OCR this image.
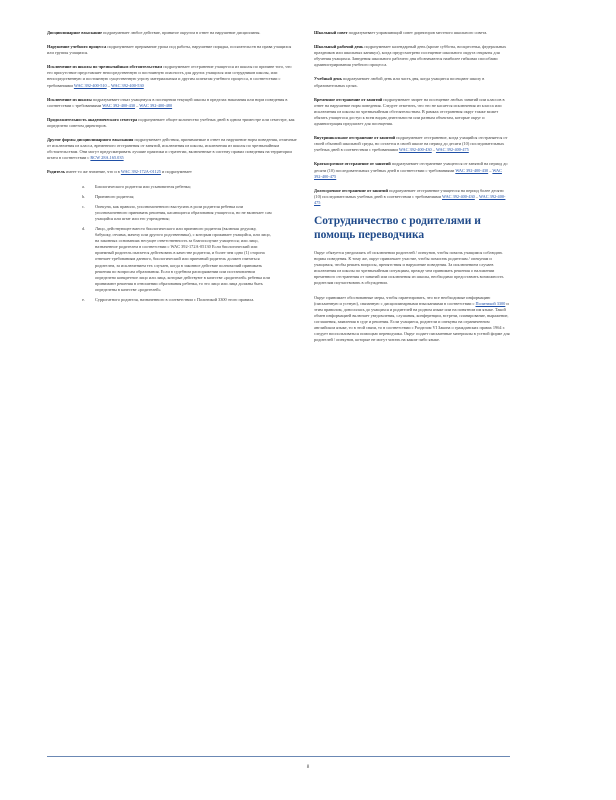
Дисциплинарное взыскание подразумевает любое действие, принятое округом в ответ на нарушение дисциплины.
Нарушение учебного процесса подразумевает прерывание урока под работы, нарушение порядка, посягательств на права учащихся или группы учащихся.
Исключение из школы по чрезвычайным обстоятельствам подразумевает отстранение учащегося из школы по причине того, что его присутствие представляет непосредственную и постоянную опасность для других учащихся или сотрудников школы, или непосредственную и постоянную существенную угрозу материальным и другим аспектам учебного процесса, в соответствии с требованиями WAC 392-400-510 – WAC 392-400-530
Исключение из школы подразумевает отказ учащемуся в посещении текущей школы в пределах наказания или норм поведения в соответствии с требованиями WAC 392-400-430 – WAC 392-400-480
Продолжительность академического семестра подразумевает общее количество учебных дней в одном триместре или семестре, как определено советом директоров.
Другие формы дисциплинарного взыскания подразумевает действия, принимаемые в ответ на нарушение норм поведения, отличные от исключения из класса, временного отстранения от занятий, исключения из школы, исключения из школы по чрезвычайным обстоятельствам. Они могут предусматривать лучшие практики и стратегии, включенные в систему правил поведения на территории штата в соответствии с RCW 28A.165.035
Родитель имеет то же значение, что и в WAC 392-172A-01125 и подразумевает
a.	Биологического родителя или усыновителя ребенка;
b.	Приемного родителя;
c.	Опекуна, как правило, уполномоченного выступать в роли родителя ребенка или уполномоченного принимать решения, касающиеся образования учащегося, но не включает сам учащийся или штат или его учреждения;
d.	Лицо, действующее вместо биологического или приемного родителя (включая дедушку, бабушку, отчима, мачеху или другого родственника), с которым проживает учащийся, или лицо, на законных основаниях несущее ответственность за благополучие учащегося; или лицо, назначенное родителем в соответствии с WAC 392-172A-05130 Если биологический или приемный родитель пытается действовать в качестве родителя, и более чем одно (1) сторона отвечает требованиям данного, биологический или приемный родитель должен считаться родителем, за исключением тех случаев, когда в законное действие полномочий принимать решения по вопросам образования. Если в судебном распоряжении или постановлении определено конкретное лицо или лица, которые действуют в качестве «родителей» ребенка или принимают решения в отношении образования ребенка, то это лицо или лица должны быть определены в качестве «родителей»
e.	Суррогатного родителя, назначенного в соответствии с Политикой 3300 этого правила.
Школьный совет подразумевает управляющий совет директоров местного школьного совета.
Школьный рабочий день подразумевает календарный день (кроме субботы, воскресенья, федеральных праздников или школьных каникул), когда предусмотрено посещение школьного округа открыты для обучения учащихся. Заведения школьного рабочего дня обозначаются наиболее гибкими способами администрирования учебного процесса.
Учебный день подразумевает любой день или часть дня, когда учащиеся посещают школу в образовательных целях.
Временное отстранение от занятий подразумевает запрет на посещение любых занятий или классов в ответ на нарушение норм поведения. Следует отметить, что это не касается исключения из класса или исключения из школы по чрезвычайным обстоятельствам. В рамках отстранения округ также может обязать учащегося доступ к всем видам деятельности или разным объектам, которые округ и администрация предлагает для посещения.
Внутришкольное отстранение от занятий подразумевает отстранение, когда учащийся отстраняется от своей обычной школьной среды, но остается в своей школе на период до десяти (10) последовательных учебных дней в соответствии с требованиями WAC 392-400-430 – WAC 392-400-475
Краткосрочное отстранение от занятий подразумевает отстранение учащегося от занятий на период до десяти (10) последовательных учебных дней в соответствии с требованиями WAC 392-400-430 – WAC 392-400-475
Долгосрочное отстранение от занятий подразумевает отстранение учащегося на период более десяти (10) последовательных учебных дней в соответствии с требованиями WAC 392-400-430 – WAC 392-400-475
Сотрудничество с родителями и помощь переводчика
Округ обязуется уведомлять об исключении родителей / опекунов, чтобы помочь учащимся соблюдать нормы поведения. К тому же, округ привлекает участие, чтобы помогать родителям / опекунам и учащимся, чтобы решать вопросы, препятствия и нарушение поведения. За исключением случаев исключения из школы по чрезвычайным ситуациям, прежде чем принимать решения о наложении временного отстранения от занятий или исключения из школы, необходимо предоставить возможность родителям поучаствовать в обсуждении.
Округ принимает обоснованные меры, чтобы гарантировать, что все необходимые информацию (письменную и устную), связанную с дисциплинарными взысканиями в соответствии с Политикой 3300 и этим правилом, доносилась до учащихся и родителей на родном языке или на понятном им языке. Такой обмен информацией включает уведомления, слушания, конференции, встречи, планирование, выражение, соглашения, заявления в суде и решения. Если учащиеся, родители и опекуны на ограниченном английском языке, то в этой связи, то в соответствии с Разделом VI Закона о гражданских правах 1964 г. следует воспользоваться помощью переводчика. Округ подает письменные материалы в устной форме для родителей / опекунов, которые не могут читать на каком-либо языке.
8
